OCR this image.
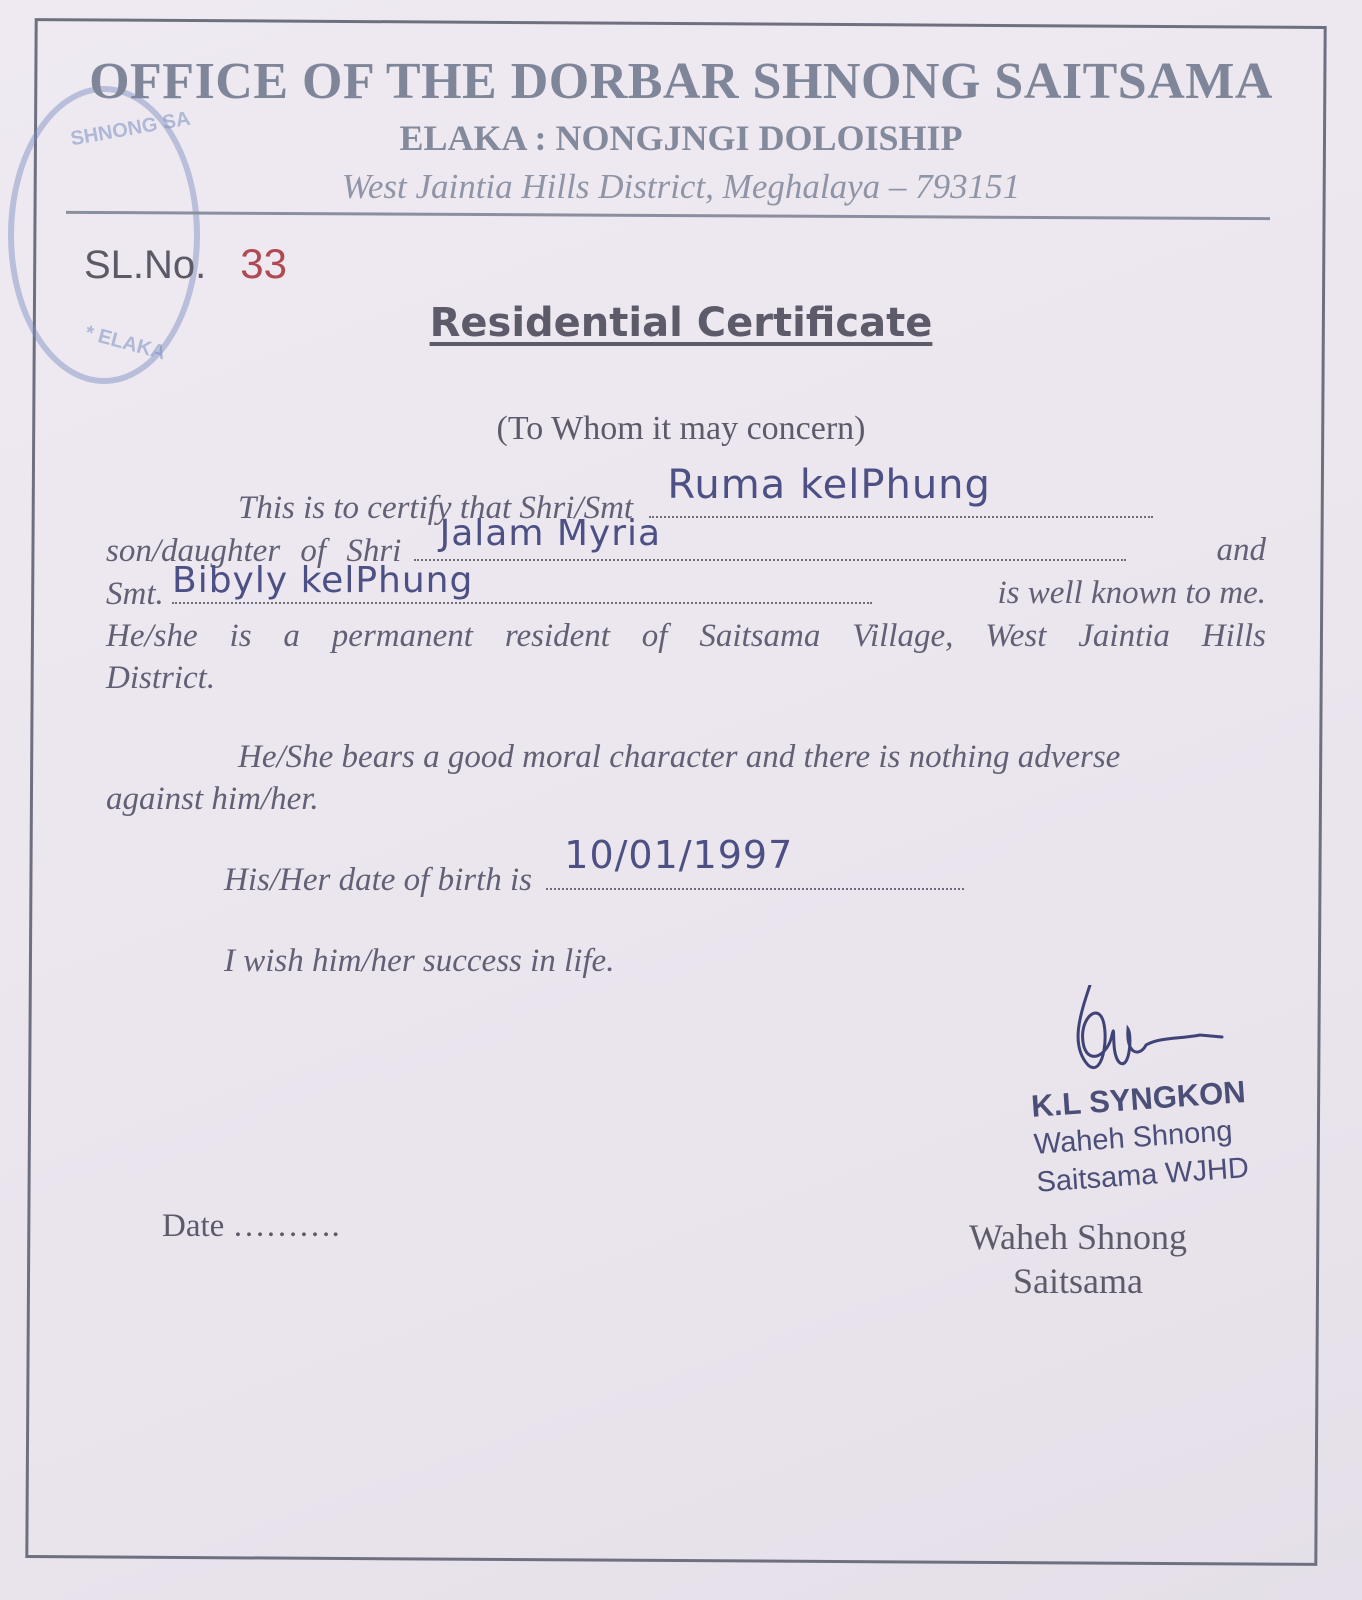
SHNONG SA
* ELAKA
OFFICE OF THE DORBAR SHNONG SAITSAMA
ELAKA : NONGJNGI DOLOISHIP
West Jaintia Hills District, Meghalaya – 793151
SL.No. 33
Residential Certificate
(To Whom it may concern)
This is to certify that Shri/Smt Ruma kelPhung
son/daughter of Shri Jalam Myria	and
Smt. Bibyly kelPhung	is well known to me.
He/she is a permanent resident of Saitsama Village, West Jaintia Hills
District.
He/She bears a good moral character and there is nothing adverse
against him/her.
His/Her date of birth is
10/01/1997
I wish him/her success in life.
K.L SYNGKON
Waheh Shnong
Saitsama WJHD
Waheh Shnong
Saitsama
Date ……….
